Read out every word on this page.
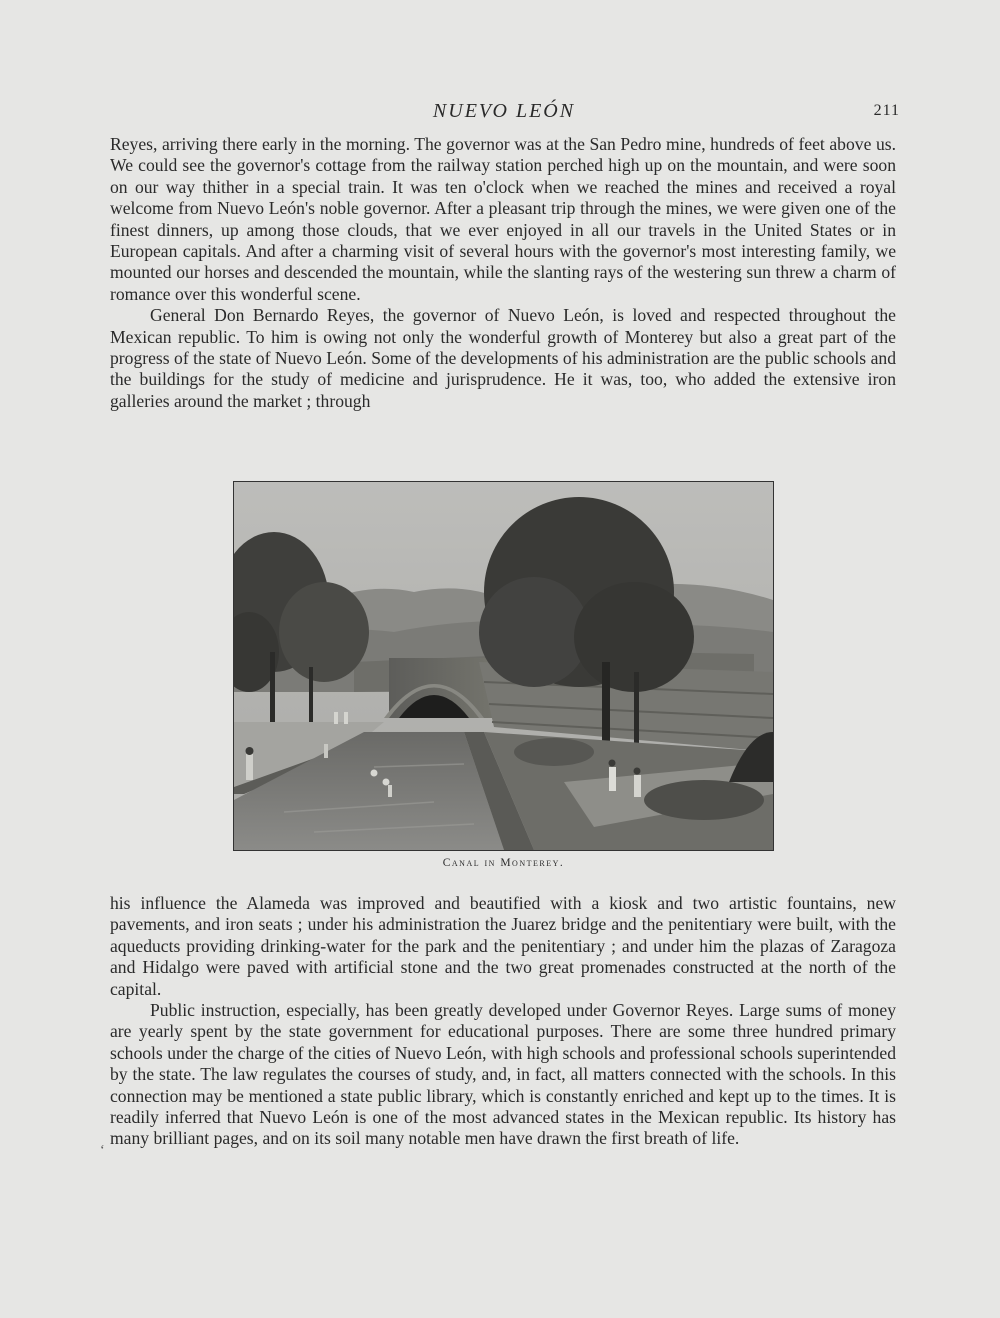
NUEVO LEÓN	211

Reyes, arriving there early in the morning. The governor was at the San Pedro mine, hundreds of feet above us. We could see the governor's cottage from the railway station perched high up on the mountain, and were soon on our way thither in a special train. It was ten o'clock when we reached the mines and received a royal welcome from Nuevo León's noble governor. After a pleasant trip through the mines, we were given one of the finest dinners, up among those clouds, that we ever enjoyed in all our travels in the United States or in European capitals. And after a charming visit of several hours with the governor's most interesting family, we mounted our horses and descended the mountain, while the slanting rays of the westering sun threw a charm of romance over this wonderful scene.

General Don Bernardo Reyes, the governor of Nuevo León, is loved and respected throughout the Mexican republic. To him is owing not only the wonderful growth of Monterey but also a great part of the progress of the state of Nuevo León. Some of the developments of his administration are the public schools and the buildings for the study of medicine and jurisprudence. He it was, too, who added the extensive iron galleries around the market ; through

Canal in Monterey.

his influence the Alameda was improved and beautified with a kiosk and two artistic fountains, new pavements, and iron seats ; under his administration the Juarez bridge and the penitentiary were built, with the aqueducts providing drinking-water for the park and the penitentiary ; and under him the plazas of Zaragoza and Hidalgo were paved with artificial stone and the two great promenades constructed at the north of the capital.

Public instruction, especially, has been greatly developed under Governor Reyes. Large sums of money are yearly spent by the state government for educational purposes. There are some three hundred primary schools under the charge of the cities of Nuevo León, with high schools and professional schools superintended by the state. The law regulates the courses of study, and, in fact, all matters connected with the schools. In this connection may be mentioned a state public library, which is constantly enriched and kept up to the times. It is readily inferred that Nuevo León is one of the most advanced states in the Mexican republic. Its history has many brilliant pages, and on its soil many notable men have drawn the first breath of life.

‘
